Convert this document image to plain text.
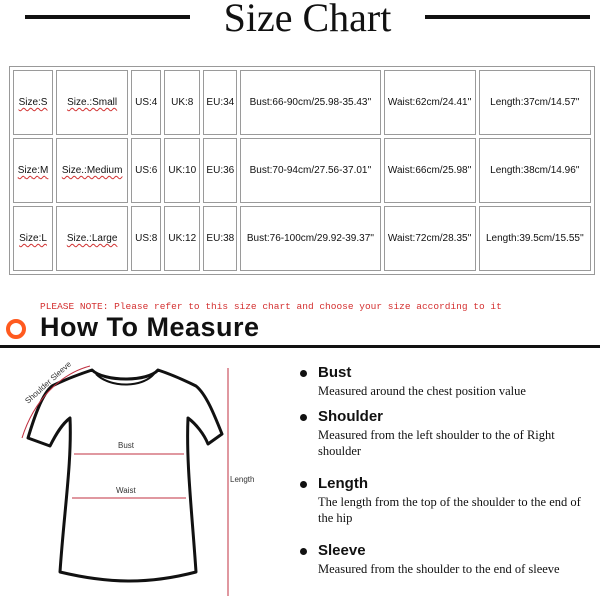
Size Chart
Size:S	Size.:Small	US:4	UK:8	EU:34	Bust:66-90cm/25.98-35.43''	Waist:62cm/24.41''	Length:37cm/14.57''
Size:M	Size.:Medium	US:6	UK:10	EU:36	Bust:70-94cm/27.56-37.01''	Waist:66cm/25.98''	Length:38cm/14.96''
Size:L	Size.:Large	US:8	UK:12	EU:38	Bust:76-100cm/29.92-39.37''	Waist:72cm/28.35''	Length:39.5cm/15.55''
PLEASE NOTE: Please refer to this size chart and choose your size according to it
How To Measure
Shoulder Sleeve
Bust
Waist
Length
Bust
Measured around the chest position value
Shoulder
Measured from the left shoulder to the of Right shoulder
Length
The length from the top of the shoulder to the end of the hip
Sleeve
Measured from the shoulder to the end of sleeve
